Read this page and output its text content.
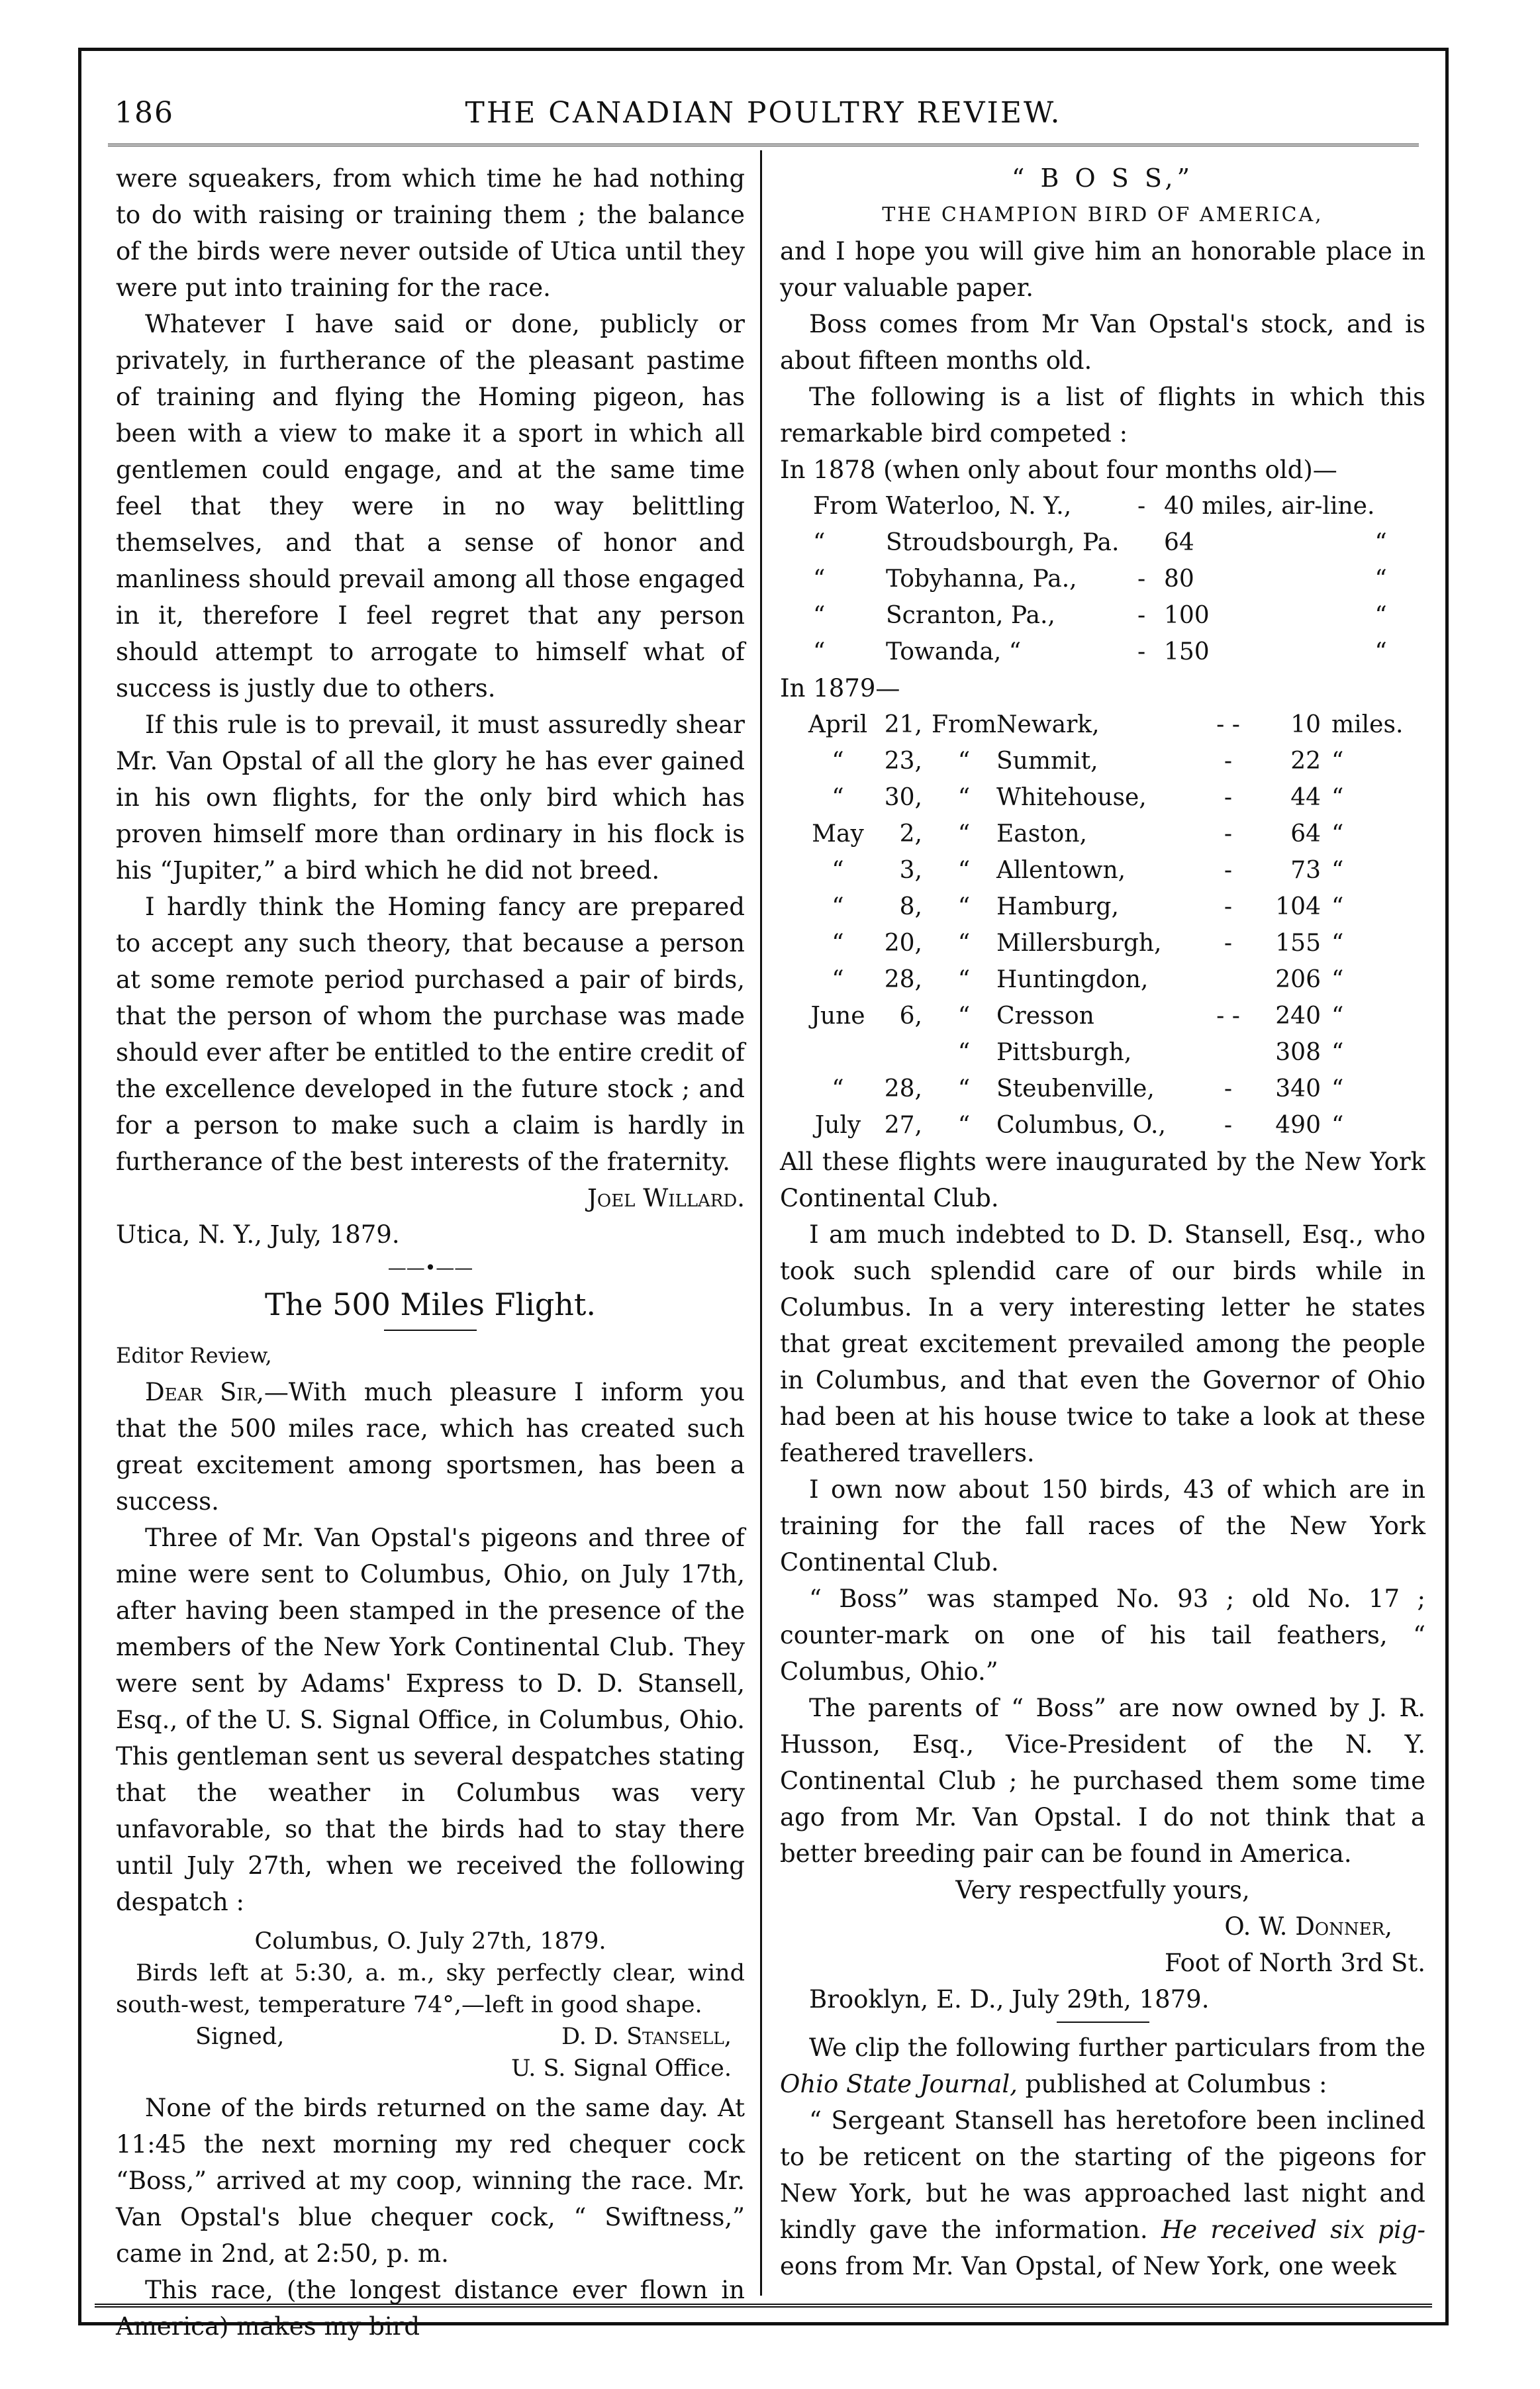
186	THE CANADIAN POULTRY REVIEW.

were squeakers, from which time he had nothing to do with raising or training them ; the balance of the birds were never outside of Utica until they were put into training for the race.

Whatever I have said or done, publicly or privately, in furtherance of the pleasant pastime of training and flying the Homing pigeon, has been with a view to make it a sport in which all gentlemen could engage, and at the same time feel that they were in no way belittling themselves, and that a sense of honor and manliness should prevail among all those engaged in it, therefore I feel regret that any person should attempt to arrogate to himself what of success is justly due to others.

If this rule is to prevail, it must assuredly shear Mr. Van Opstal of all the glory he has ever gained in his own flights, for the only bird which has proven himself more than ordinary in his flock is his “Jupiter,” a bird which he did not breed.

I hardly think the Homing fancy are prepared to accept any such theory, that because a person at some remote period purchased a pair of birds, that the person of whom the purchase was made should ever after be entitled to the entire credit of the excellence developed in the future stock ; and for a person to make such a claim is hardly in furtherance of the best interests of the fraternity.

Joel Willard.

Utica, N. Y., July, 1879.

——•——
The 500 Miles Flight.

Editor Review,

Dear Sir,—With much pleasure I inform you that the 500 miles race, which has created such great excitement among sportsmen, has been a success.

Three of Mr. Van Opstal's pigeons and three of mine were sent to Columbus, Ohio, on July 17th, after having been stamped in the presence of the members of the New York Continental Club. They were sent by Adams' Express to D. D. Stansell, Esq., of the U. S. Signal Office, in Columbus, Ohio. This gentleman sent us several despatches stating that the weather in Columbus was very unfavorable, so that the birds had to stay there until July 27th, when we received the following despatch :

Columbus, O. July 27th, 1879.
Birds left at 5:30, a. m., sky perfectly clear, wind south-west, temperature 74°,—left in good shape.
Signed,	D. D. Stansell,
U. S. Signal Office.

None of the birds returned on the same day. At 11:45 the next morning my red chequer cock “Boss,” arrived at my coop, winning the race. Mr. Van Opstal's blue chequer cock, “ Swiftness,” came in 2nd, at 2:50, p. m.

This race, (the longest distance ever flown in America) makes my bird

“ B O S S,”

THE CHAMPION BIRD OF AMERICA,

and I hope you will give him an honorable place in your valuable paper.

Boss comes from Mr Van Opstal's stock, and is about fifteen months old.

The following is a list of flights in which this remarkable bird competed :

In 1878 (when only about four months old)—

From	Waterloo, N. Y.,	-	40 miles, air-line.	
“	Stroudsbourgh, Pa.		64	“
“	Tobyhanna, Pa.,	-	80	“
“	Scranton, Pa.,	-	100	“
“	Towanda, “	-	150	“

In 1879—

April	21,	From	Newark,	- -	10	miles.
“	23,	“	Summit,	-	22	“
“	30,	“	Whitehouse,	-	44	“
May	2,	“	Easton,	-	64	“
“	3,	“	Allentown,	-	73	“
“	8,	“	Hamburg,	-	104	“
“	20,	“	Millersburgh,	-	155	“
“	28,	“	Huntingdon,		206	“
June	6,	“	Cresson	- -	240	“
		“	Pittsburgh,		308	“
“	28,	“	Steubenville,	-	340	“
July	27,	“	Columbus, O.,	-	490	“

All these flights were inaugurated by the New York Continental Club.

I am much indebted to D. D. Stansell, Esq., who took such splendid care of our birds while in Columbus. In a very interesting letter he states that great excitement prevailed among the people in Columbus, and that even the Governor of Ohio had been at his house twice to take a look at these feathered travellers.

I own now about 150 birds, 43 of which are in training for the fall races of the New York Continental Club.

“ Boss” was stamped No. 93 ; old No. 17 ; counter-mark on one of his tail feathers, “ Columbus, Ohio.”

The parents of “ Boss” are now owned by J. R. Husson, Esq., Vice-President of the N. Y. Continental Club ; he purchased them some time ago from Mr. Van Opstal. I do not think that a better breeding pair can be found in America.

Very respectfully yours,

O. W. Donner,

Foot of North 3rd St.

Brooklyn, E. D., July 29th, 1879.

We clip the following further particulars from the Ohio State Journal, published at Columbus :

“ Sergeant Stansell has heretofore been inclined to be reticent on the starting of the pigeons for New York, but he was approached last night and kindly gave the information. He received six pig- eons from Mr. Van Opstal, of New York, one week
